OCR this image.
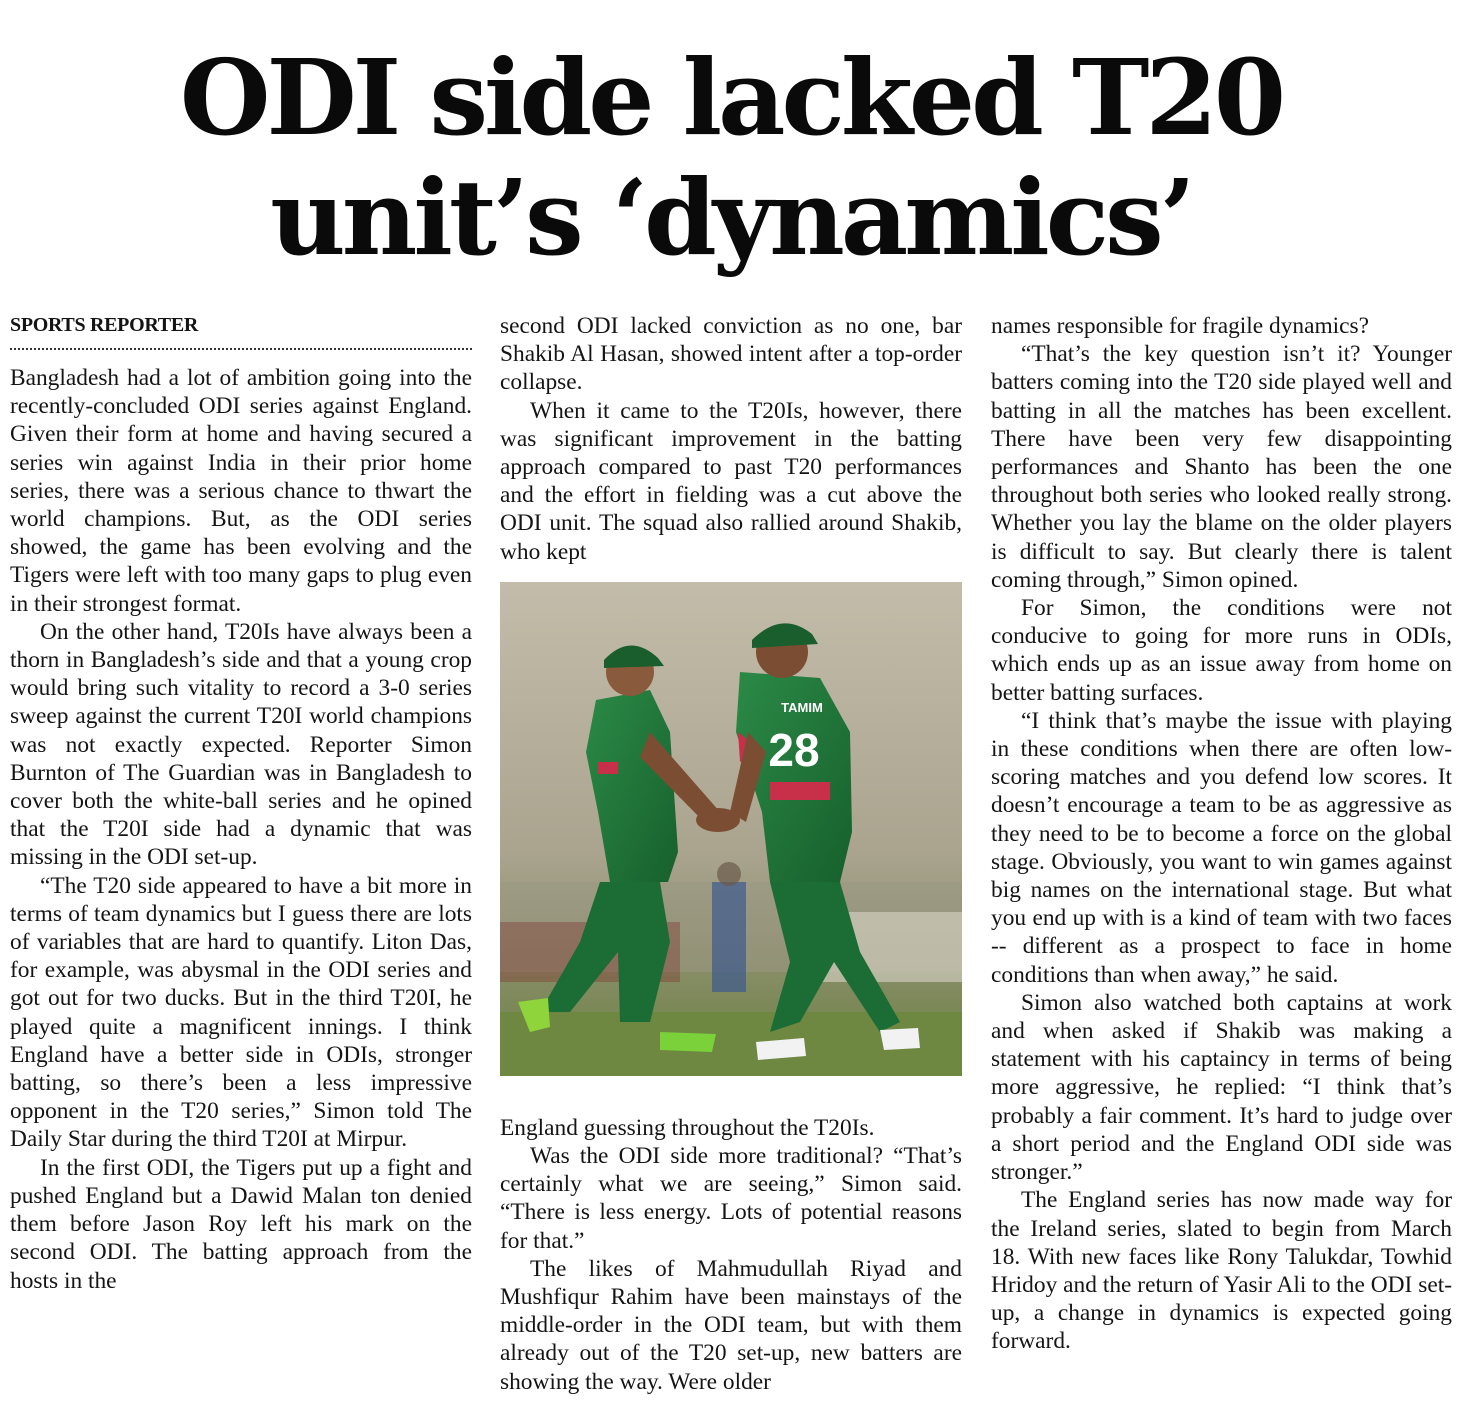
ODI side lacked T20
unit’s ‘dynamics’
SPORTS REPORTER

Bangladesh had a lot of ambition going into the recently-concluded ODI series against England. Given their form at home and having secured a series win against India in their prior home series, there was a serious chance to thwart the world champions. But, as the ODI series showed, the game has been evolving and the Tigers were left with too many gaps to plug even in their strongest format.

On the other hand, T20Is have always been a thorn in Bangladesh’s side and that a young crop would bring such vitality to record a 3-0 series sweep against the current T20I world champions was not exactly expected. Reporter Simon Burnton of The Guardian was in Bangladesh to cover both the white-ball series and he opined that the T20I side had a dynamic that was missing in the ODI set-up.

“The T20 side appeared to have a bit more in terms of team dynamics but I guess there are lots of variables that are hard to quantify. Liton Das, for example, was abysmal in the ODI series and got out for two ducks. But in the third T20I, he played quite a magnificent innings. I think England have a better side in ODIs, stronger batting, so there’s been a less impressive opponent in the T20 series,” Simon told The Daily Star during the third T20I at Mirpur.

In the first ODI, the Tigers put up a fight and pushed England but a Dawid Malan ton denied them before Jason Roy left his mark on the second ODI. The batting approach from the hosts in the

second ODI lacked conviction as no one, bar Shakib Al Hasan, showed intent after a top-order collapse.

When it came to the T20Is, however, there was significant improvement in the batting approach compared to past T20 performances and the effort in fielding was a cut above the ODI unit. The squad also rallied around Shakib, who kept

28
TAMIM

England guessing throughout the T20Is.

Was the ODI side more traditional? “That’s certainly what we are seeing,” Simon said. “There is less energy. Lots of potential reasons for that.”

The likes of Mahmudullah Riyad and Mushfiqur Rahim have been mainstays of the middle-order in the ODI team, but with them already out of the T20 set-up, new batters are showing the way. Were older

names responsible for fragile dynamics?

“That’s the key question isn’t it? Younger batters coming into the T20 side played well and batting in all the matches has been excellent. There have been very few disappointing performances and Shanto has been the one throughout both series who looked really strong. Whether you lay the blame on the older players is difficult to say. But clearly there is talent coming through,” Simon opined.

For Simon, the conditions were not conducive to going for more runs in ODIs, which ends up as an issue away from home on better batting surfaces.

“I think that’s maybe the issue with playing in these conditions when there are often low-scoring matches and you defend low scores. It doesn’t encourage a team to be as aggressive as they need to be to become a force on the global stage. Obviously, you want to win games against big names on the international stage. But what you end up with is a kind of team with two faces -- different as a prospect to face in home conditions than when away,” he said.

Simon also watched both captains at work and when asked if Shakib was making a statement with his captaincy in terms of being more aggressive, he replied: “I think that’s probably a fair comment. It’s hard to judge over a short period and the England ODI side was stronger.”

The England series has now made way for the Ireland series, slated to begin from March 18. With new faces like Rony Talukdar, Towhid Hridoy and the return of Yasir Ali to the ODI set-up, a change in dynamics is expected going forward.
